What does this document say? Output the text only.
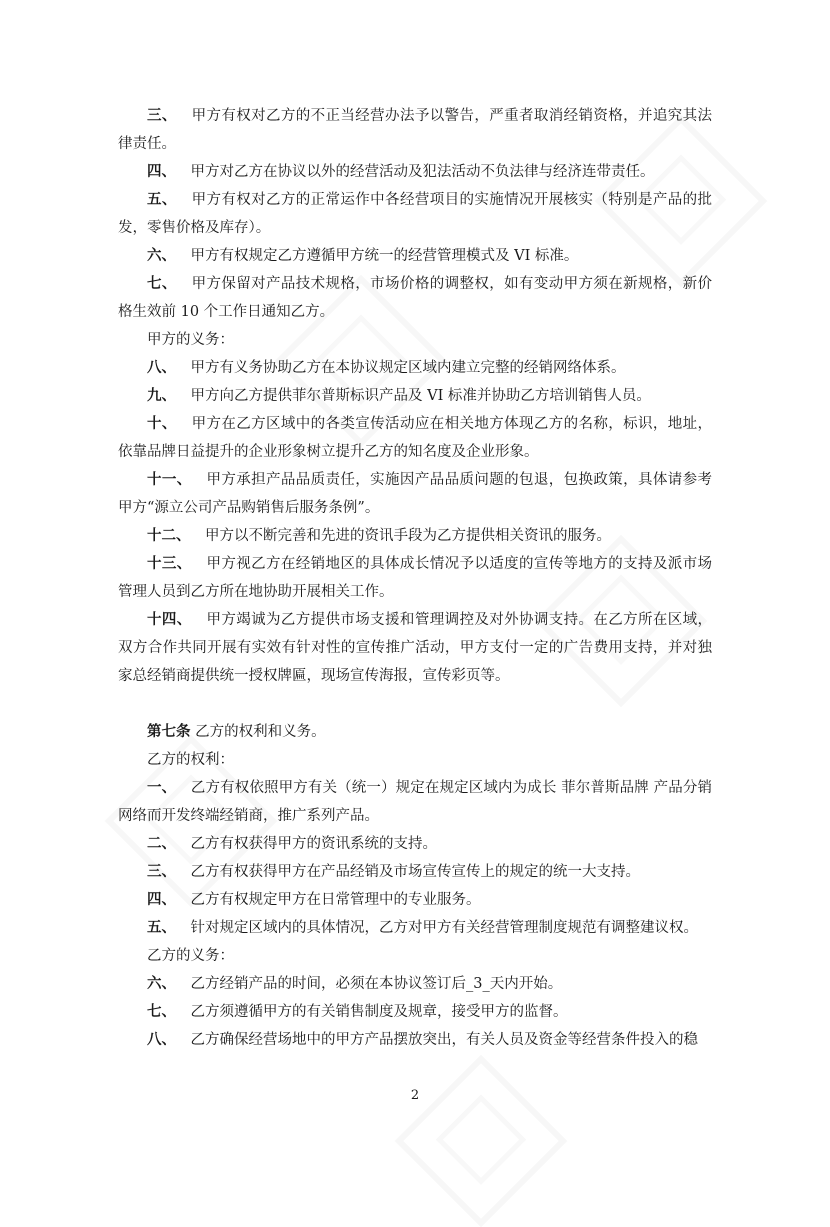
三、  甲方有权对乙方的不正当经营办法予以警告，严重者取消经销资格，并追究其法律责任。

四、  甲方对乙方在协议以外的经营活动及犯法活动不负法律与经济连带责任。

五、  甲方有权对乙方的正常运作中各经营项目的实施情况开展核实（特别是产品的批发，零售价格及库存）。

六、  甲方有权规定乙方遵循甲方统一的经营管理模式及 VI 标准。

七、  甲方保留对产品技术规格，市场价格的调整权，如有变动甲方须在新规格，新价格生效前 10 个工作日通知乙方。

甲方的义务：

八、  甲方有义务协助乙方在本协议规定区域内建立完整的经销网络体系。

九、  甲方向乙方提供菲尔普斯标识产品及 VI 标准并协助乙方培训销售人员。

十、  甲方在乙方区域中的各类宣传活动应在相关地方体现乙方的名称，标识，地址，依靠品牌日益提升的企业形象树立提升乙方的知名度及企业形象。

十一、  甲方承担产品品质责任，实施因产品品质问题的包退，包换政策，具体请参考甲方“源立公司产品购销售后服务条例”。

十二、  甲方以不断完善和先进的资讯手段为乙方提供相关资讯的服务。

十三、  甲方视乙方在经销地区的具体成长情况予以适度的宣传等地方的支持及派市场管理人员到乙方所在地协助开展相关工作。

十四、  甲方竭诚为乙方提供市场支援和管理调控及对外协调支持。在乙方所在区域，双方合作共同开展有实效有针对性的宣传推广活动，甲方支付一定的广告费用支持，并对独家总经销商提供统一授权牌匾，现场宣传海报，宣传彩页等。

第七条 乙方的权利和义务。

乙方的权利：

一、  乙方有权依照甲方有关（统一）规定在规定区域内为成长 菲尔普斯品牌 产品分销网络而开发终端经销商，推广系列产品。

二、  乙方有权获得甲方的资讯系统的支持。

三、  乙方有权获得甲方在产品经销及市场宣传宣传上的规定的统一大支持。

四、  乙方有权规定甲方在日常管理中的专业服务。

五、  针对规定区域内的具体情况，乙方对甲方有关经营管理制度规范有调整建议权。

乙方的义务：

六、  乙方经销产品的时间，必须在本协议签订后_3_天内开始。

七、  乙方须遵循甲方的有关销售制度及规章，接受甲方的监督。

八、  乙方确保经营场地中的甲方产品摆放突出，有关人员及资金等经营条件投入的稳

2
